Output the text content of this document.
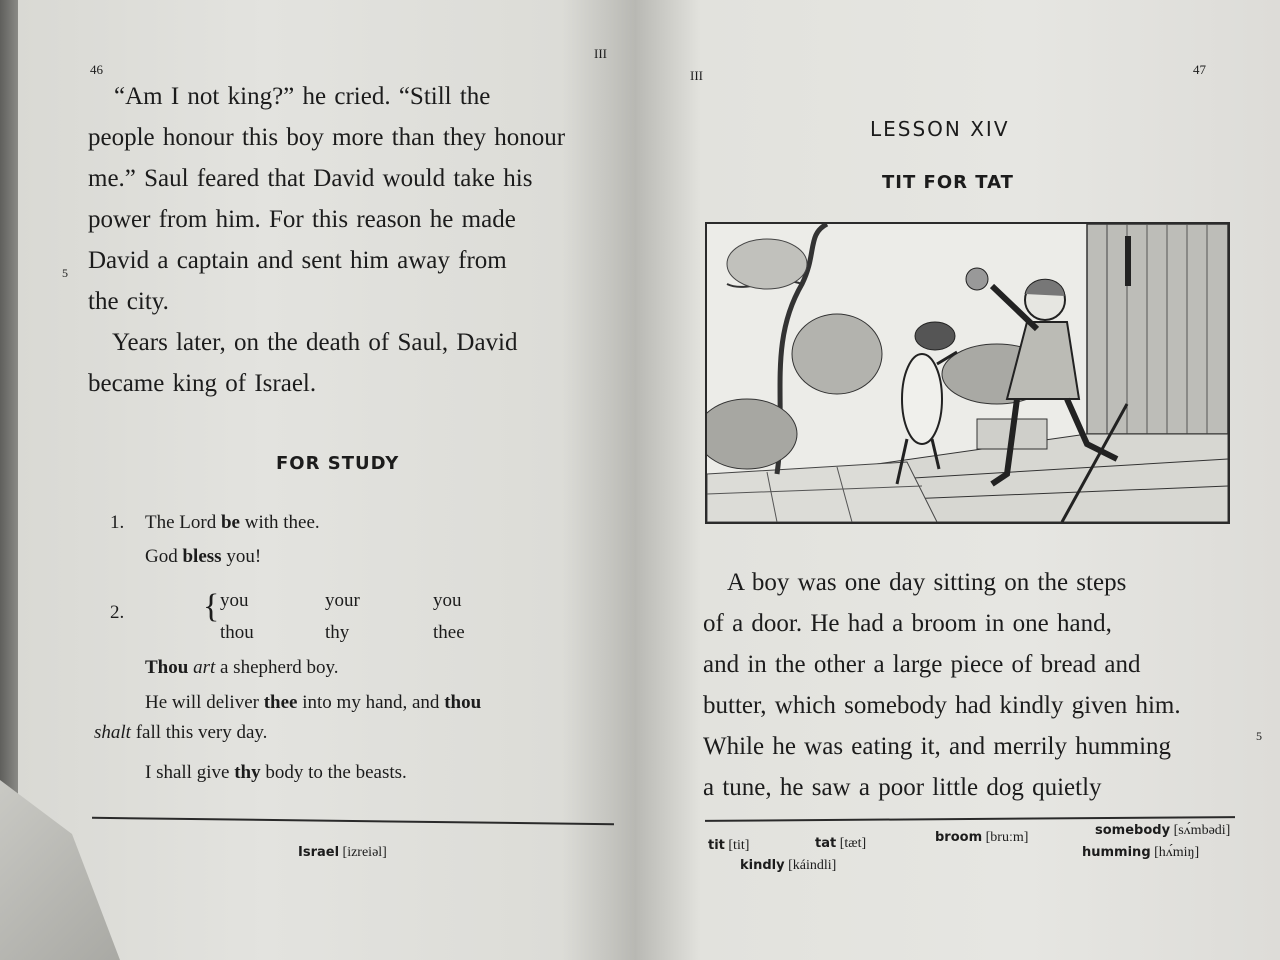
46
III

“Am I not king?” he cried. “Still the

people honour this boy more than they honour

me.” Saul feared that David would take his

power from him. For this reason he made

David a captain and sent him away from

the city.

5

Years later, on the death of Saul, David

became king of Israel.

FOR STUDY
1. The Lord be with thee.
God bless you!
2. { you	your	you
thou	thy	thee
Thou art a shepherd boy.
He will deliver thee into my hand, and thou
shalt fall this very day.
I shall give thy body to the beasts.
Israel [izreiəl]
III	47
LESSON XIV
TIT FOR TAT

A boy was one day sitting on the steps

of a door. He had a broom in one hand,

and in the other a large piece of bread and

butter, which somebody had kindly given him.

While he was eating it, and merrily humming

a tune, he saw a poor little dog quietly

5
tit [tit]	tat [tæt]	broom [bruːm]	somebody [sʌ́mbədi]
kindly [káindli]
humming [hʌ́miŋ]
